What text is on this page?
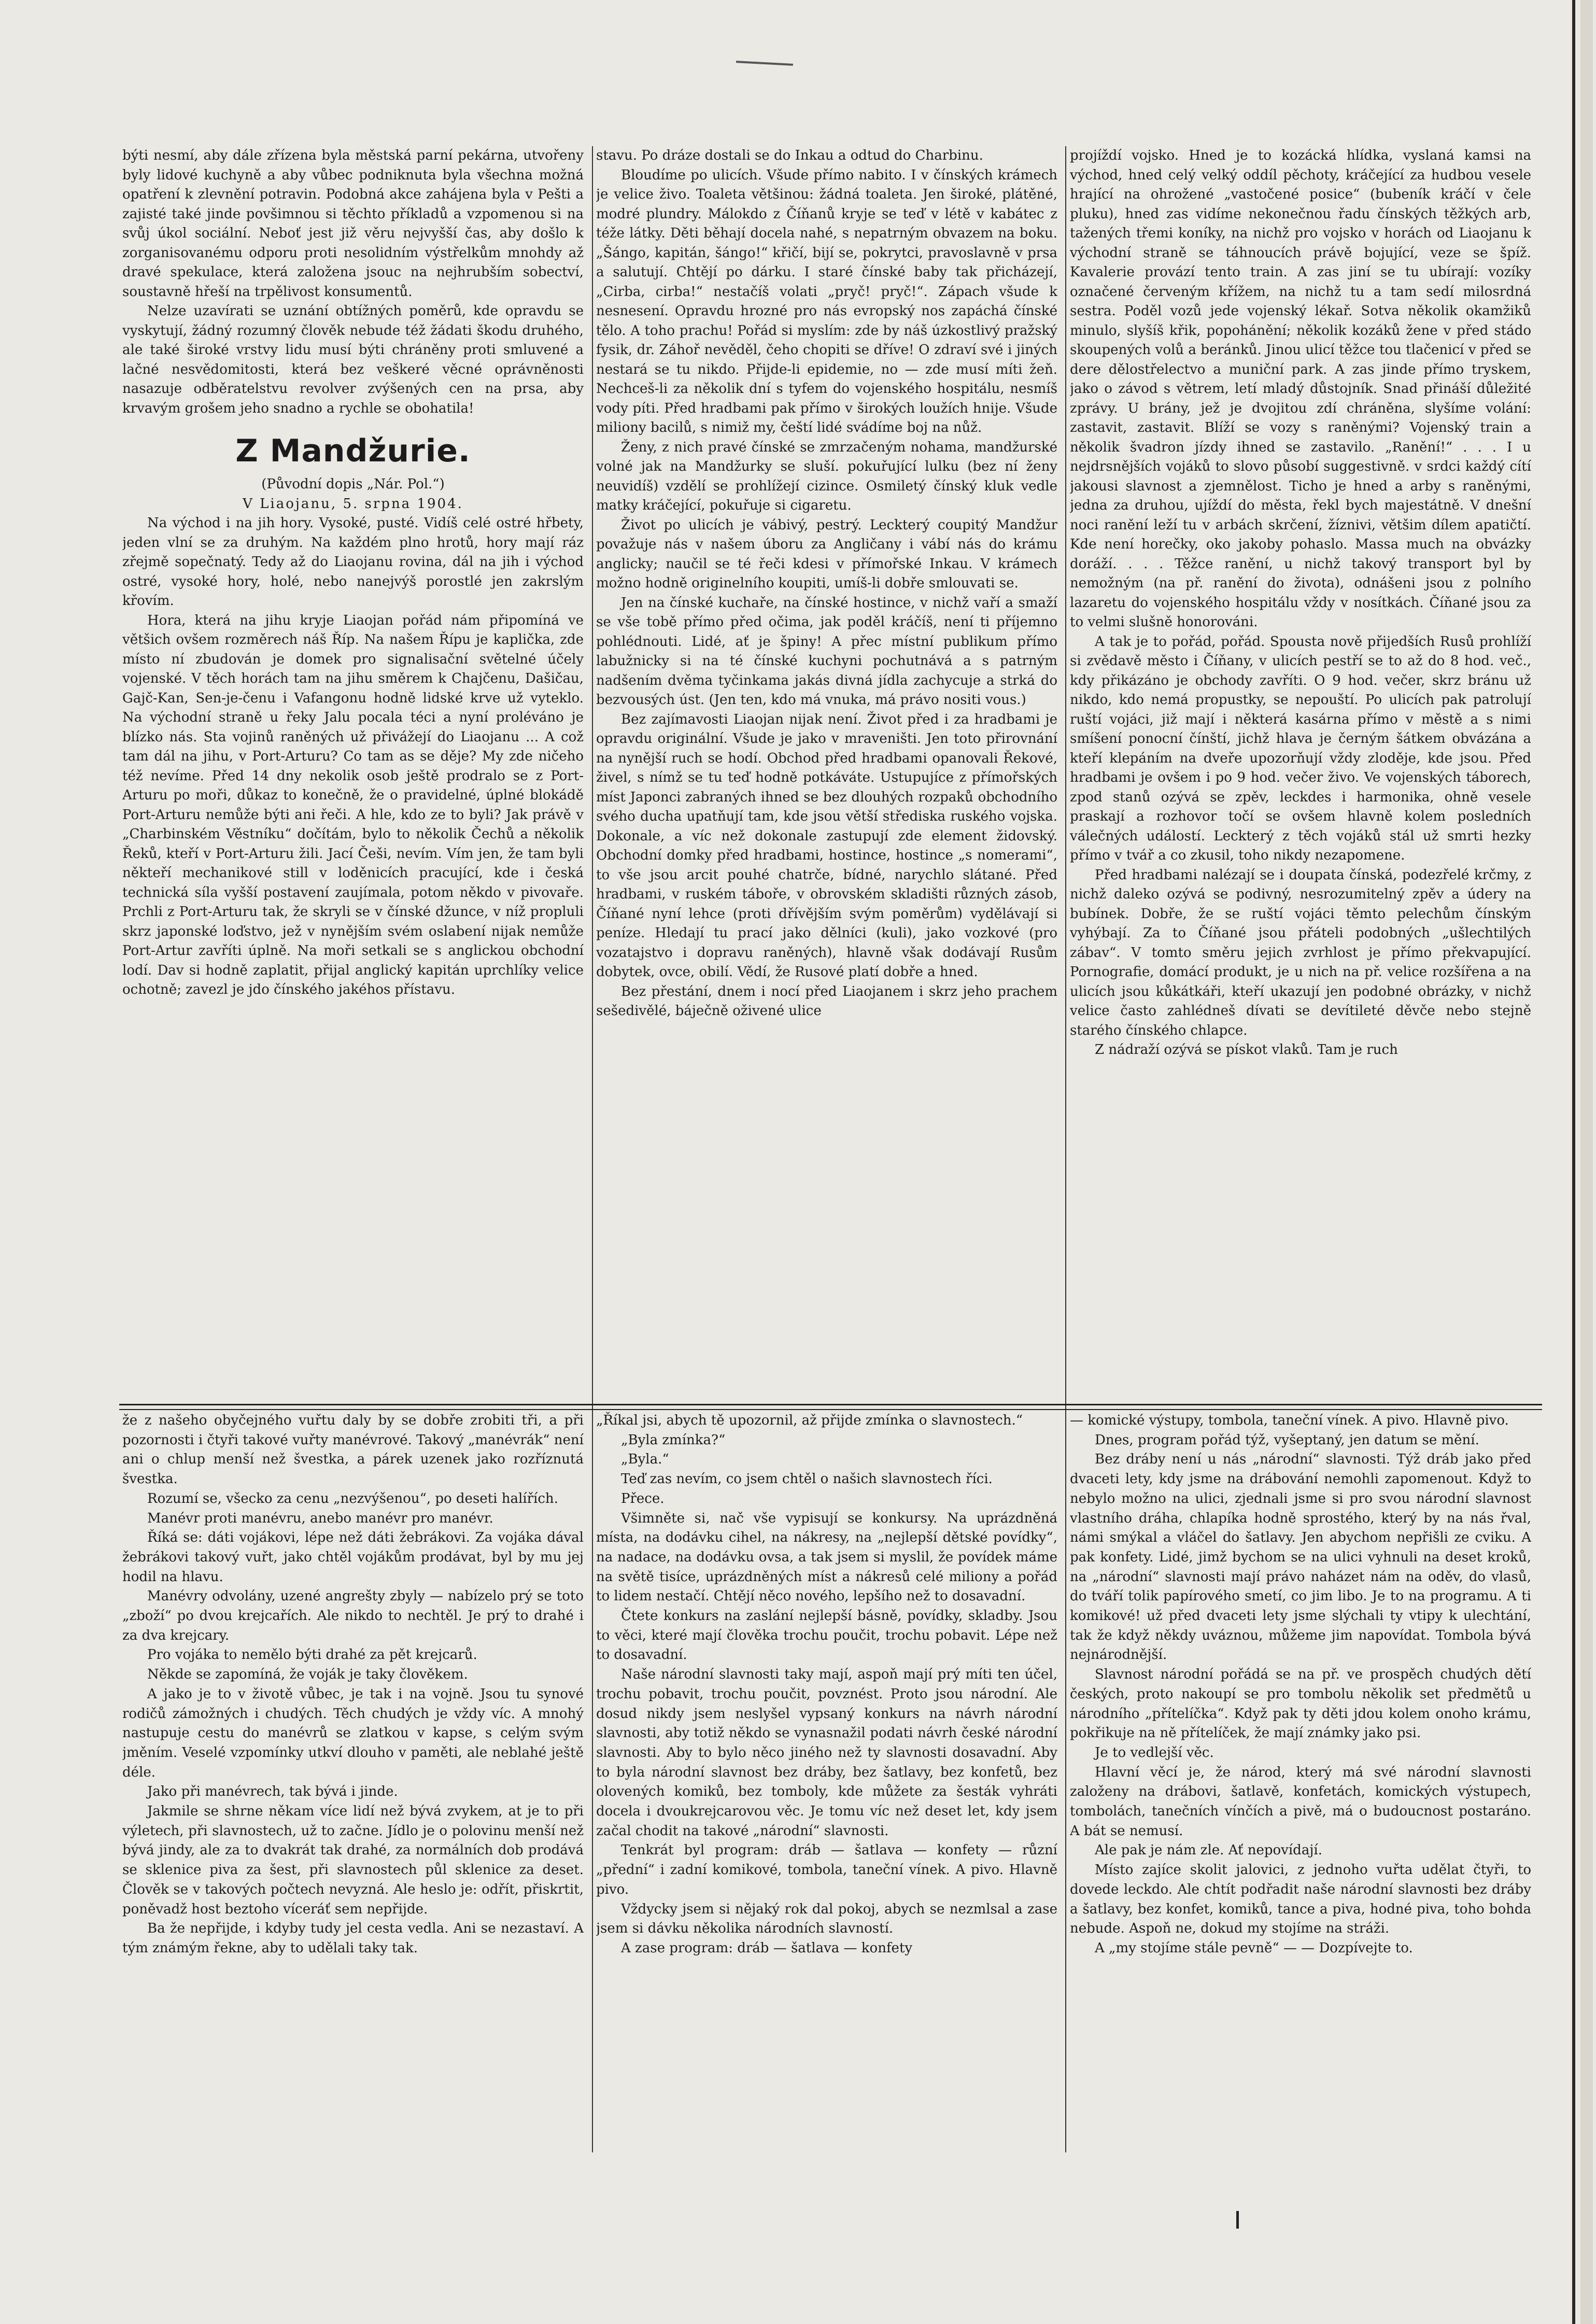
býti nesmí, aby dále zřízena byla městská parní pekárna, utvořeny byly lidové kuchyně a aby vůbec podniknuta byla všechna možná opatření k zlevnění potravin. Podobná akce zahájena byla v Pešti a zajisté také jinde povšimnou si těchto příkladů a vzpomenou si na svůj úkol sociální. Neboť jest již věru nejvyšší čas, aby došlo k zorganisovanému odporu proti nesolidním výstřelkům mnohdy až dravé spekulace, která založena jsouc na nejhrubším sobectví, soustavně hřeší na trpělivost konsumentů.

Nelze uzavírati se uznání obtížných poměrů, kde opravdu se vyskytují, žádný rozumný člověk nebude též žádati škodu druhého, ale také široké vrstvy lidu musí býti chráněny proti smluvené a lačné nesvědomitosti, která bez veškeré věcné oprávněnosti nasazuje odběratelstvu revolver zvýšených cen na prsa, aby krvavým grošem jeho snadno a rychle se obohatila!

Z Mandžurie.
(Původní dopis „Nár. Pol.“)
V Liaojanu, 5. srpna 1904.

Na východ i na jih hory. Vysoké, pusté. Vidíš celé ostré hřbety, jeden vlní se za druhým. Na každém plno hrotů, hory mají ráz zřejmě sopečnatý. Tedy až do Liaojanu rovina, dál na jih i východ ostré, vysoké hory, holé, nebo nanejvýš porostlé jen zakrslým křovím.

Hora, která na jihu kryje Liaojan pořád nám připomíná ve většich ovšem rozměrech náš Říp. Na našem Řípu je kaplička, zde místo ní zbudován je domek pro signalisační světelné účely vojenské. V těch horách tam na jihu směrem k Chajčenu, Dašičau, Gajč-Kan, Sen-je-čenu i Vafangonu hodně lidské krve už vyteklo. Na východní straně u řeky Jalu pocala téci a nyní proléváno je blízko nás. Sta vojinů raněných už přivážejí do Liaojanu ... A což tam dál na jihu, v Port-Arturu? Co tam as se děje? My zde ničeho též nevíme. Před 14 dny nekolik osob ještě prodralo se z Port-Arturu po moři, důkaz to konečně, že o pravidelné, úplné blokádě Port-Arturu nemůže býti ani řeči. A hle, kdo ze to byli? Jak právě v „Charbinském Věstníku“ dočítám, bylo to několik Čechů a několik Řeků, kteří v Port-Arturu žili. Jací Češi, nevím. Vím jen, že tam byli někteří mechanikové still v loděnicích pracující, kde i česká technická síla vyšší postavení zaujímala, potom někdo v pivovaře. Prchli z Port-Arturu tak, že skryli se v čínské džunce, v níž propluli skrz japonské loďstvo, jež v nynějším svém oslabení nijak nemůže Port-Artur zavříti úplně. Na moři setkali se s anglickou obchodní lodí. Dav si hodně zaplatit, přijal anglický kapitán uprchlíky velice ochotně; zavezl je jdo čínského jakéhos přístavu.

stavu. Po dráze dostali se do Inkau a odtud do Charbinu.

Bloudíme po ulicích. Všude přímo nabito. I v čínských krámech je velice živo. Toaleta většinou: žádná toaleta. Jen široké, plátěné, modré plundry. Málokdo z Číňanů kryje se teď v létě v kabátec z téže látky. Děti běhají docela nahé, s nepatrným obvazem na boku. „Šángo, kapitán, šángo!“ křičí, bijí se, pokrytci, pravoslavně v prsa a salutují. Chtějí po dárku. I staré čínské baby tak přicházejí, „Cirba, cirba!“ nestačíš volati „pryč! pryč!“. Zápach všude k nesnesení. Opravdu hrozné pro nás evropský nos zapáchá čínské tělo. A toho prachu! Pořád si myslím: zde by náš úzkostlivý pražský fysik, dr. Záhoř nevěděl, čeho chopiti se dříve! O zdraví své i jiných nestará se tu nikdo. Přijde-li epidemie, no — zde musí míti žeň. Nechceš-li za několik dní s tyfem do vojenského hospitálu, nesmíš vody píti. Před hradbami pak přímo v širokých loužích hnije. Všude miliony bacilů, s nimiž my, čeští lidé svádíme boj na nůž.

Ženy, z nich pravé čínské se zmrzačeným nohama, mandžurské volné jak na Mandžurky se sluší. pokuřující lulku (bez ní ženy neuvidíš) vzdělí se prohlížejí cizince. Osmiletý čínský kluk vedle matky kráčející, pokuřuje si cigaretu.

Život po ulicích je vábivý, pestrý. Leckterý coupitý Mandžur považuje nás v našem úboru za Angličany i vábí nás do krámu anglicky; naučil se té řeči kdesi v přímořské Inkau. V krámech možno hodně originelního koupiti, umíš-li dobře smlouvati se.

Jen na čínské kuchaře, na čínské hostince, v nichž vaří a smaží se vše tobě přímo před očima, jak poděl kráčíš, není ti příjemno pohlédnouti. Lidé, ať je špiny! A přec místní publikum přímo labužnicky si na té čínské kuchyni pochutnává a s patrným nadšením dvěma tyčinkama jakás divná jídla zachycuje a strká do bezvousých úst. (Jen ten, kdo má vnuka, má právo nositi vous.)

Bez zajímavosti Liaojan nijak není. Život před i za hradbami je opravdu originální. Všude je jako v mraveništi. Jen toto přirovnání na nynější ruch se hodí. Obchod před hradbami opanovali Řekové, živel, s nímž se tu teď hodně potkáváte. Ustupujíce z přímořských míst Japonci zabraných ihned se bez dlouhých rozpaků obchodního svého ducha upatňují tam, kde jsou větší střediska ruského vojska. Dokonale, a víc než dokonale zastupují zde element židovský. Obchodní domky před hradbami, hostince, hostince „s nomerami“, to vše jsou arcit pouhé chatrče, bídné, narychlo slátané. Před hradbami, v ruském táboře, v obrovském skladišti různých zásob, Číňané nyní lehce (proti dřívějším svým poměrům) vydělávají si peníze. Hledají tu prací jako dělníci (kuli), jako vozkové (pro vozatajstvo i dopravu raněných), hlavně však dodávají Rusům dobytek, ovce, obilí. Vědí, že Rusové platí dobře a hned.

Bez přestání, dnem i nocí před Liaojanem i skrz jeho prachem sešedivělé, báječně oživené ulice

projíždí vojsko. Hned je to kozácká hlídka, vyslaná kamsi na východ, hned celý velký oddíl pěchoty, kráčející za hudbou vesele hrající na ohrožené „vastočené posice“ (bubeník kráčí v čele pluku), hned zas vidíme nekonečnou řadu čínských těžkých arb, tažených třemi koníky, na nichž pro vojsko v horách od Liaojanu k východní straně se táhnoucích právě bojující, veze se špíž. Kavalerie provází tento train. A zas jiní se tu ubírají: vozíky označené červeným křížem, na nichž tu a tam sedí milosrdná sestra. Poděl vozů jede vojenský lékař. Sotva několik okamžiků minulo, slyšíš křik, popohánění; několik kozáků žene v před stádo skoupených volů a beránků. Jinou ulicí těžce tou tlačenicí v před se dere dělostřelectvo a muniční park. A zas jinde přímo tryskem, jako o závod s větrem, letí mladý důstojník. Snad přináší důležité zprávy. U brány, jež je dvojitou zdí chráněna, slyšíme volání: zastavit, zastavit. Blíží se vozy s raněnými? Vojenský train a několik švadron jízdy ihned se zastavilo. „Ranění!“ . . . I u nejdrsnějších vojáků to slovo působí suggestivně. v srdci každý cítí jakousi slavnost a zjemnělost. Ticho je hned a arby s raněnými, jedna za druhou, ujíždí do města, řekl bych majestátně. V dnešní noci ranění leží tu v arbách skrčení, žíznivi, většim dílem apatičtí. Kde není horečky, oko jakoby pohaslo. Massa much na obvázky doráží. . . . Těžce ranění, u nichž takový transport byl by nemožným (na př. ranění do života), odnášeni jsou z polního lazaretu do vojenského hospitálu vždy v nosítkách. Číňané jsou za to velmi slušně honorováni.

A tak je to pořád, pořád. Spousta nově přijedších Rusů prohlíží si zvědavě město i Číňany, v ulicích pestří se to až do 8 hod. več., kdy přikázáno je obchody zavříti. O 9 hod. večer, skrz bránu už nikdo, kdo nemá propustky, se nepouští. Po ulicích pak patrolují ruští vojáci, již mají i některá kasárna přímo v městě a s nimi smíšení ponocní čínští, jichž hlava je černým šátkem obvázána a kteří klepáním na dveře upozorňují vždy zloděje, kde jsou. Před hradbami je ovšem i po 9 hod. večer živo. Ve vojenských táborech, zpod stanů ozývá se zpěv, leckdes i harmonika, ohně vesele praskají a rozhovor točí se ovšem hlavně kolem posledních válečných událostí. Leckterý z těch vojáků stál už smrti hezky přímo v tvář a co zkusil, toho nikdy nezapomene.

Před hradbami nalézají se i doupata čínská, podezřelé krčmy, z nichž daleko ozývá se podivný, nesrozumitelný zpěv a údery na bubínek. Dobře, že se ruští vojáci těmto pelechům čínským vyhýbají. Za to Číňané jsou přáteli podobných „ušlechtilých zábav“. V tomto směru jejich zvrhlost je přímo překvapující. Pornografie, domácí produkt, je u nich na př. velice rozšířena a na ulicích jsou kůkátkáři, kteří ukazují jen podobné obrázky, v nichž velice často zahlédneš dívati se devítileté děvče nebo stejně starého čínského chlapce.

Z nádraží ozývá se pískot vlaků. Tam je ruch

že z našeho obyčejného vuřtu daly by se dobře zrobiti tři, a při pozornosti i čtyři takové vuřty manévrové. Takový „manévrák“ není ani o chlup menší než švestka, a párek uzenek jako rozříznutá švestka.

Rozumí se, všecko za cenu „nezvýšenou“, po deseti halířích.

Manévr proti manévru, anebo manévr pro manévr.

Říká se: dáti vojákovi, lépe než dáti žebrákovi. Za vojáka dával žebrákovi takový vuřt, jako chtěl vojákům prodávat, byl by mu jej hodil na hlavu.

Manévry odvolány, uzené angrešty zbyly — nabízelo prý se toto „zboží“ po dvou krejcařích. Ale nikdo to nechtěl. Je prý to drahé i za dva krejcary.

Pro vojáka to nemělo býti drahé za pět krejcarů.

Někde se zapomíná, že voják je taky člověkem.

A jako je to v životě vůbec, je tak i na vojně. Jsou tu synové rodičů zámožných i chudých. Těch chudých je vždy víc. A mnohý nastupuje cestu do manévrů se zlatkou v kapse, s celým svým jměním. Veselé vzpomínky utkví dlouho v paměti, ale neblahé ještě déle.

Jako při manévrech, tak bývá i jinde.

Jakmile se shrne někam více lidí než bývá zvykem, at je to při výletech, při slavnostech, už to začne. Jídlo je o polovinu menší než bývá jindy, ale za to dvakrát tak drahé, za normálních dob prodává se sklenice piva za šest, při slavnostech půl sklenice za deset. Člověk se v takových počtech nevyzná. Ale heslo je: odřít, přiskrtit, poněvadž host beztoho víceráť sem nepřijde.

Ba že nepřijde, i kdyby tudy jel cesta vedla. Ani se nezastaví. A tým známým řekne, aby to udělali taky tak.

„Říkal jsi, abych tě upozornil, až přijde zmínka o slavnostech.“

„Byla zmínka?“

„Byla.“

Teď zas nevím, co jsem chtěl o našich slavnostech říci.

Přece.

Všimněte si, nač vše vypisují se konkursy. Na uprázdněná místa, na dodávku cihel, na nákresy, na „nejlepší dětské povídky“, na nadace, na dodávku ovsa, a tak jsem si myslil, že povídek máme na světě tisíce, uprázdněných míst a nákresů celé miliony a pořád to lidem nestačí. Chtějí něco nového, lepšího než to dosavadní.

Čtete konkurs na zaslání nejlepší básně, povídky, skladby. Jsou to věci, které mají člověka trochu poučit, trochu pobavit. Lépe než to dosavadní.

Naše národní slavnosti taky mají, aspoň mají prý míti ten účel, trochu pobavit, trochu poučit, povznést. Proto jsou národní. Ale dosud nikdy jsem neslyšel vypsaný konkurs na návrh národní slavnosti, aby totiž někdo se vynasnažil podati návrh české národní slavnosti. Aby to bylo něco jiného než ty slavnosti dosavadní. Aby to byla národní slavnost bez dráby, bez šatlavy, bez konfetů, bez olovených komiků, bez tomboly, kde můžete za šesták vyhráti docela i dvoukrejcarovou věc. Je tomu víc než deset let, kdy jsem začal chodit na takové „národní“ slavnosti.

Tenkrát byl program: dráb — šatlava — konfety — různí „přední“ i zadní komikové, tombola, taneční vínek. A pivo. Hlavně pivo.

Vždycky jsem si nějaký rok dal pokoj, abych se nezmlsal a zase jsem si dávku několika národních slavností.

A zase program: dráb — šatlava — konfety

— komické výstupy, tombola, taneční vínek. A pivo. Hlavně pivo.

Dnes, program pořád týž, vyšeptaný, jen datum se mění.

Bez dráby není u nás „národní“ slavnosti. Týž dráb jako před dvaceti lety, kdy jsme na drábování nemohli zapomenout. Když to nebylo možno na ulici, zjednali jsme si pro svou národní slavnost vlastního dráha, chlapíka hodně sprostého, který by na nás řval, námi smýkal a vláčel do šatlavy. Jen abychom nepřišli ze cviku. A pak konfety. Lidé, jimž bychom se na ulici vyhnuli na deset kroků, na „národní“ slavnosti mají právo naházet nám na oděv, do vlasů, do tváří tolik papírového smetí, co jim libo. Je to na programu. A ti komikové! už před dvaceti lety jsme slýchali ty vtipy k ulechtání, tak že když někdy uváznou, můžeme jim napovídat. Tombola bývá nejnárodnější.

Slavnost národní pořádá se na př. ve prospěch chudých dětí českých, proto nakoupí se pro tombolu několik set předmětů u národního „přítelíčka“. Když pak ty děti jdou kolem onoho krámu, pokřikuje na ně přítelíček, že mají známky jako psi.

Je to vedlejší věc.

Hlavní věcí je, že národ, který má své národní slavnosti založeny na drábovi, šatlavě, konfetách, komických výstupech, tombolách, tanečních vínčích a pivě, má o budoucnost postaráno. A bát se nemusí.

Ale pak je nám zle. Ať nepovídají.

Místo zajíce skolit jalovici, z jednoho vuřta udělat čtyři, to dovede leckdo. Ale chtít podřadit naše národní slavnosti bez dráby a šatlavy, bez konfet, komiků, tance a piva, hodné piva, toho bohda nebude. Aspoň ne, dokud my stojíme na stráži.

A „my stojíme stále pevně“ — — Dozpívejte to.
